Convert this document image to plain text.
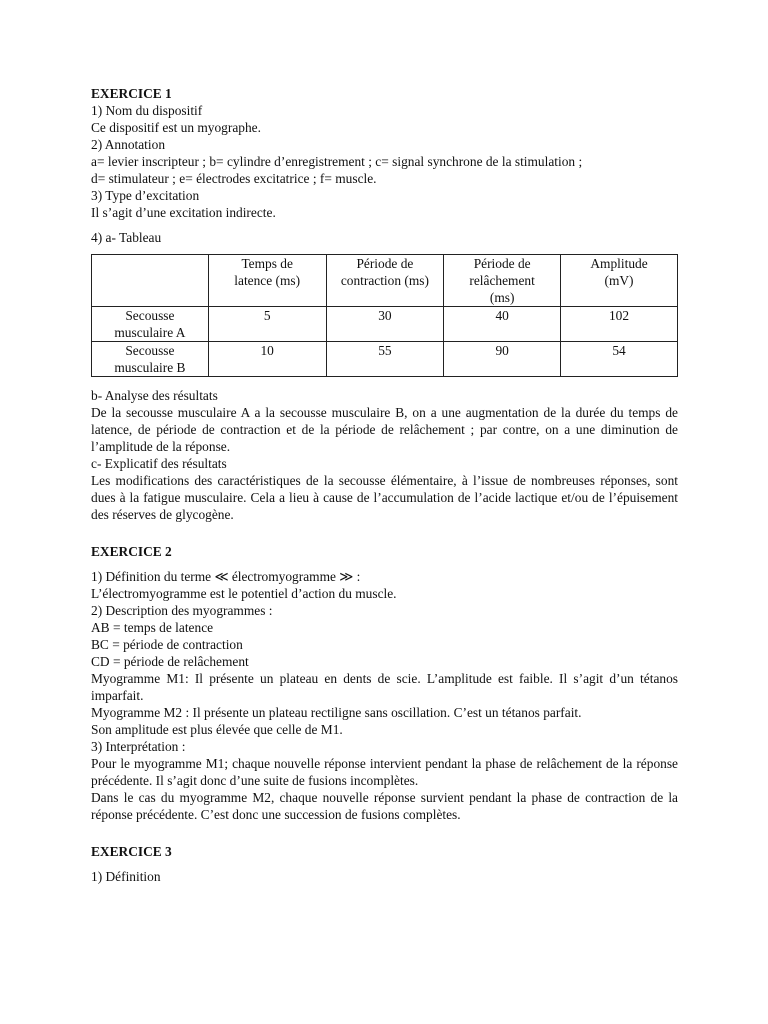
EXERCICE 1
1) Nom du dispositif
Ce dispositif est un myographe.
2) Annotation
a= levier inscripteur ; b= cylindre d’enregistrement ; c= signal synchrone de la stimulation ;
d= stimulateur ; e= électrodes excitatrice ; f= muscle.
3) Type d’excitation
Il s’agit d’une excitation indirecte.
4) a- Tableau
	Temps de latence (ms)	Période de contraction (ms)	Période de relâchement (ms)	Amplitude (mV)
Secousse musculaire A	5	30	40	102
Secousse musculaire B	10	55	90	54
b- Analyse des résultats
De la secousse musculaire A a la secousse musculaire B, on a une augmentation de la durée du temps de latence, de période de contraction et de la période de relâchement ; par contre, on a une diminution de l’amplitude de la réponse.
c- Explicatif des résultats
Les modifications des caractéristiques de la secousse élémentaire, à l’issue de nombreuses réponses, sont dues à la fatigue musculaire. Cela a lieu à cause de l’accumulation de l’acide lactique et/ou de l’épuisement des réserves de glycogène.
EXERCICE 2
1) Définition du terme ≪ électromyogramme ≫ :
L’électromyogramme est le potentiel d’action du muscle.
2) Description des myogrammes :
AB = temps de latence
BC = période de contraction
CD = période de relâchement
Myogramme M1: Il présente un plateau en dents de scie. L’amplitude est faible. Il s’agit d’un tétanos imparfait.
Myogramme M2 : Il présente un plateau rectiligne sans oscillation. C’est un tétanos parfait.
Son amplitude est plus élevée que celle de M1.
3) Interprétation :
Pour le myogramme M1; chaque nouvelle réponse intervient pendant la phase de relâchement de la réponse précédente. Il s’agit donc d’une suite de fusions incomplètes.
Dans le cas du myogramme M2, chaque nouvelle réponse survient pendant la phase de contraction de la réponse précédente. C’est donc une succession de fusions complètes.
EXERCICE 3
1) Définition
